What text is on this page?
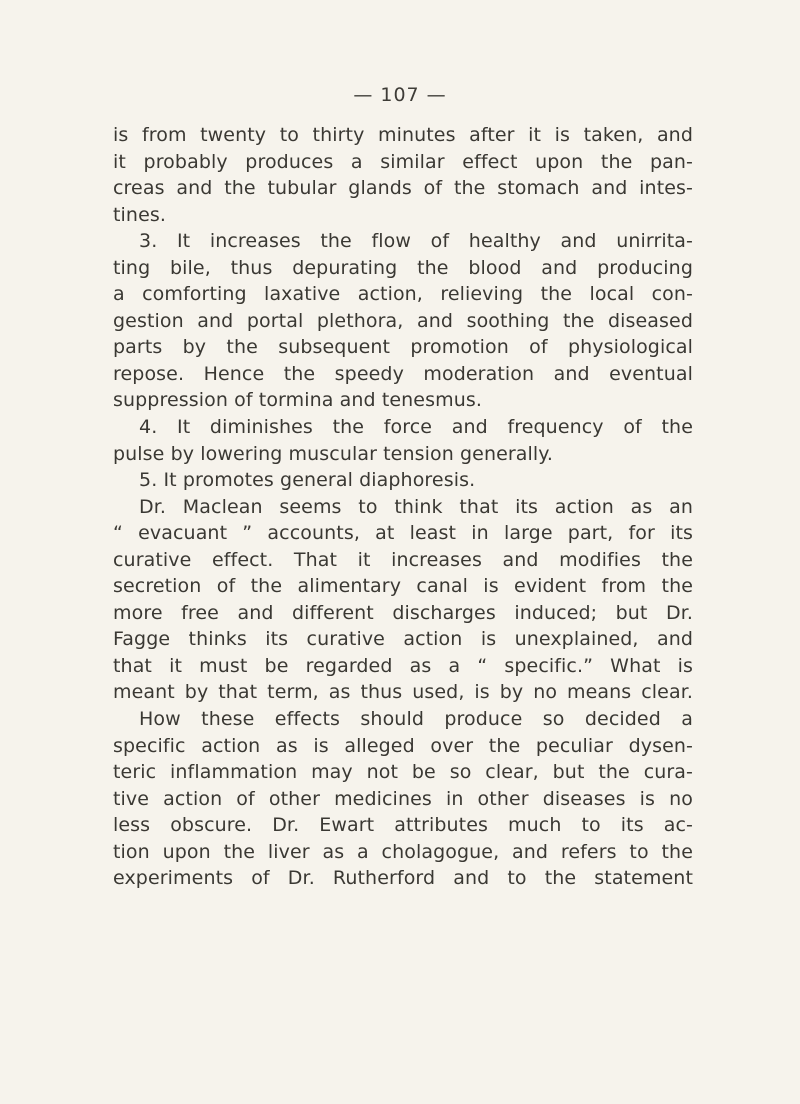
— 107 —
is from twenty to thirty minutes after it is taken, and
it probably produces a similar effect upon the pan-
creas and the tubular glands of the stomach and intes-
tines.
3. It increases the flow of healthy and unirrita-
ting bile, thus depurating the blood and producing
a comforting laxative action, relieving the local con-
gestion and portal plethora, and soothing the diseased
parts by the subsequent promotion of physiological
repose. Hence the speedy moderation and eventual
suppression of tormina and tenesmus.
4. It diminishes the force and frequency of the
pulse by lowering muscular tension generally.
5. It promotes general diaphoresis.
Dr. Maclean seems to think that its action as an
“ evacuant ” accounts, at least in large part, for its
curative effect. That it increases and modifies the
secretion of the alimentary canal is evident from the
more free and different discharges induced; but Dr.
Fagge thinks its curative action is unexplained, and
that it must be regarded as a “ specific.” What is
meant by that term, as thus used, is by no means clear.
How these effects should produce so decided a
specific action as is alleged over the peculiar dysen-
teric inflammation may not be so clear, but the cura-
tive action of other medicines in other diseases is no
less obscure. Dr. Ewart attributes much to its ac-
tion upon the liver as a cholagogue, and refers to the
experiments of Dr. Rutherford and to the statement
